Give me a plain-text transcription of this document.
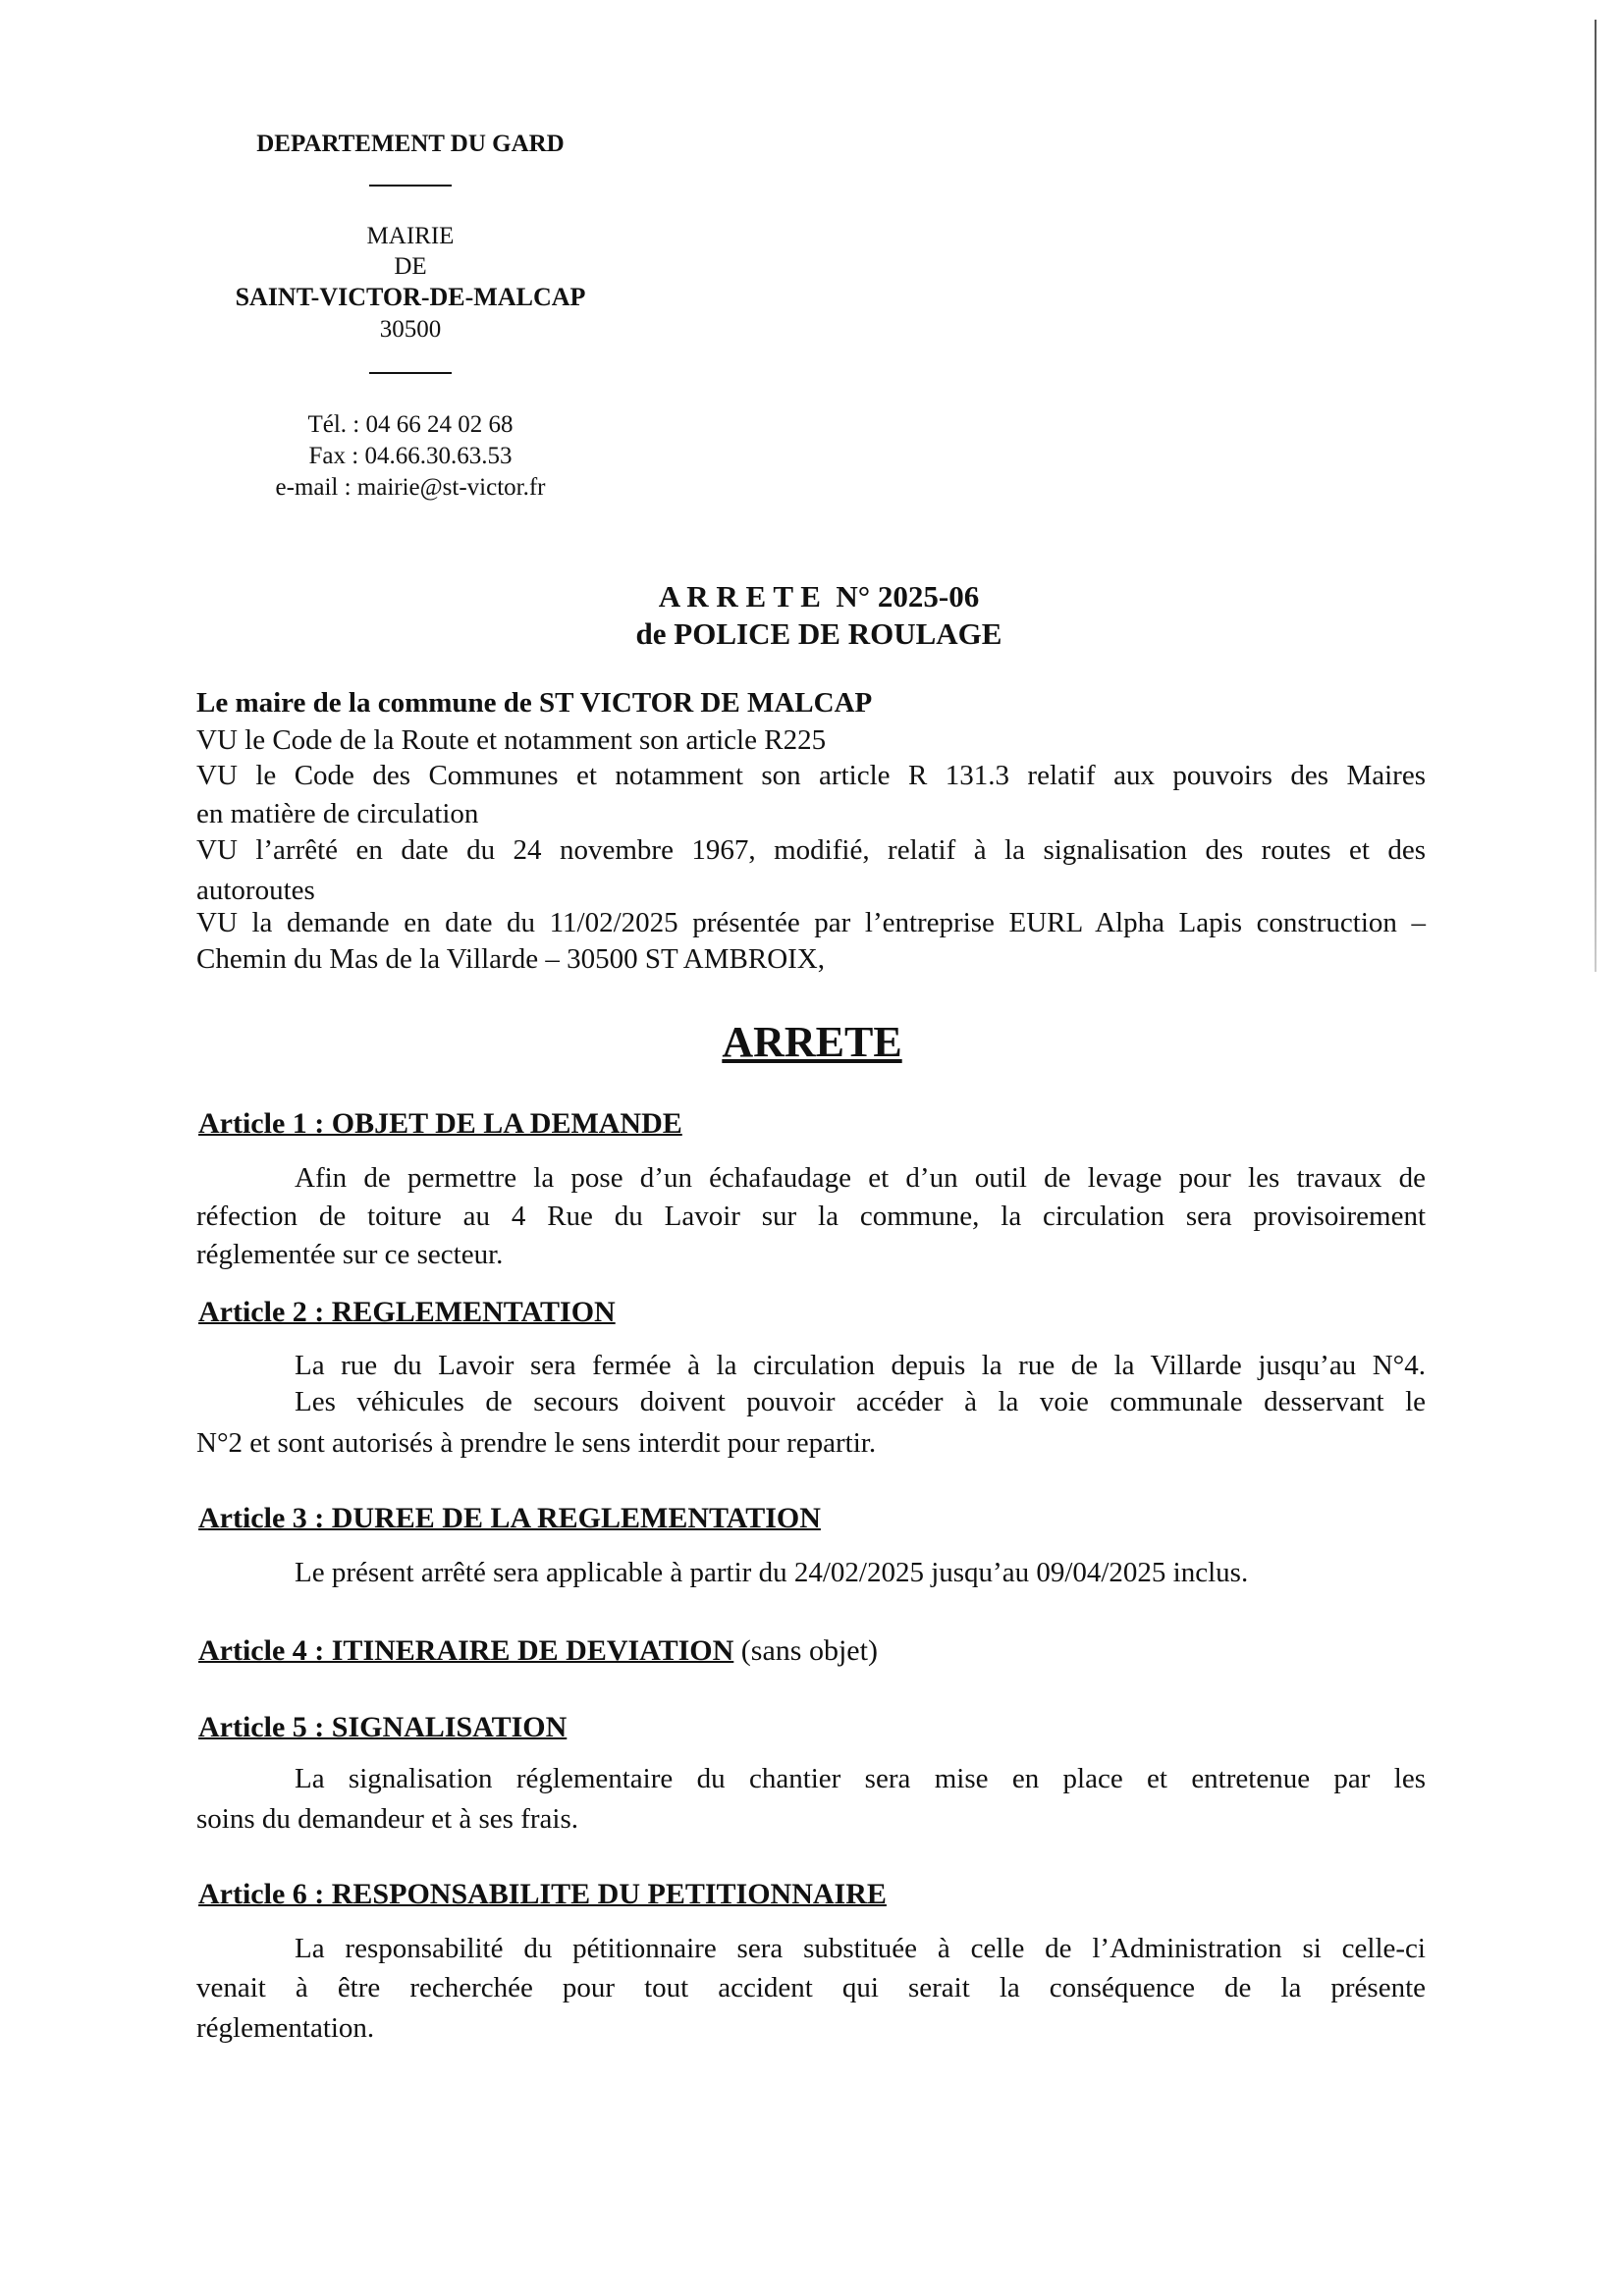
DEPARTEMENT DU GARD
MAIRIE
DE
SAINT-VICTOR-DE-MALCAP
30500
Tél. : 04 66 24 02 68
Fax : 04.66.30.63.53
e-mail : mairie@st-victor.fr
A R R E T E  N° 2025-06
de POLICE DE ROULAGE
Le maire de la commune de ST VICTOR DE MALCAP
VU le Code de la Route et notamment son article R225
VU le Code des Communes et notamment son article R 131.3 relatif aux pouvoirs des Maires
en matière de circulation
VU l’arrêté en date du 24 novembre 1967, modifié, relatif à la signalisation des routes et des
autoroutes
VU la demande en date du 11/02/2025 présentée par l’entreprise EURL Alpha Lapis construction –
Chemin du Mas de la Villarde – 30500 ST AMBROIX,
ARRETE
Article 1 : OBJET DE LA DEMANDE
Afin de permettre la pose d’un échafaudage et d’un outil de levage pour les travaux de
réfection de toiture au 4 Rue du Lavoir sur la commune, la circulation sera provisoirement
réglementée sur ce secteur.
Article 2 : REGLEMENTATION
La rue du Lavoir sera fermée à la circulation depuis la rue de la Villarde jusqu’au N°4.
Les véhicules de secours doivent pouvoir accéder à la voie communale desservant le
N°2 et sont autorisés à prendre le sens interdit pour repartir.
Article 3 : DUREE DE LA REGLEMENTATION
Le présent arrêté sera applicable à partir du 24/02/2025 jusqu’au 09/04/2025 inclus.
Article 4 : ITINERAIRE DE DEVIATION (sans objet)
Article 5 : SIGNALISATION
La signalisation réglementaire du chantier sera mise en place et entretenue par les
soins du demandeur et à ses frais.
Article 6 : RESPONSABILITE DU PETITIONNAIRE
La responsabilité du pétitionnaire sera substituée à celle de l’Administration si celle-ci
venait à être recherchée pour tout accident qui serait la conséquence de la présente
réglementation.
